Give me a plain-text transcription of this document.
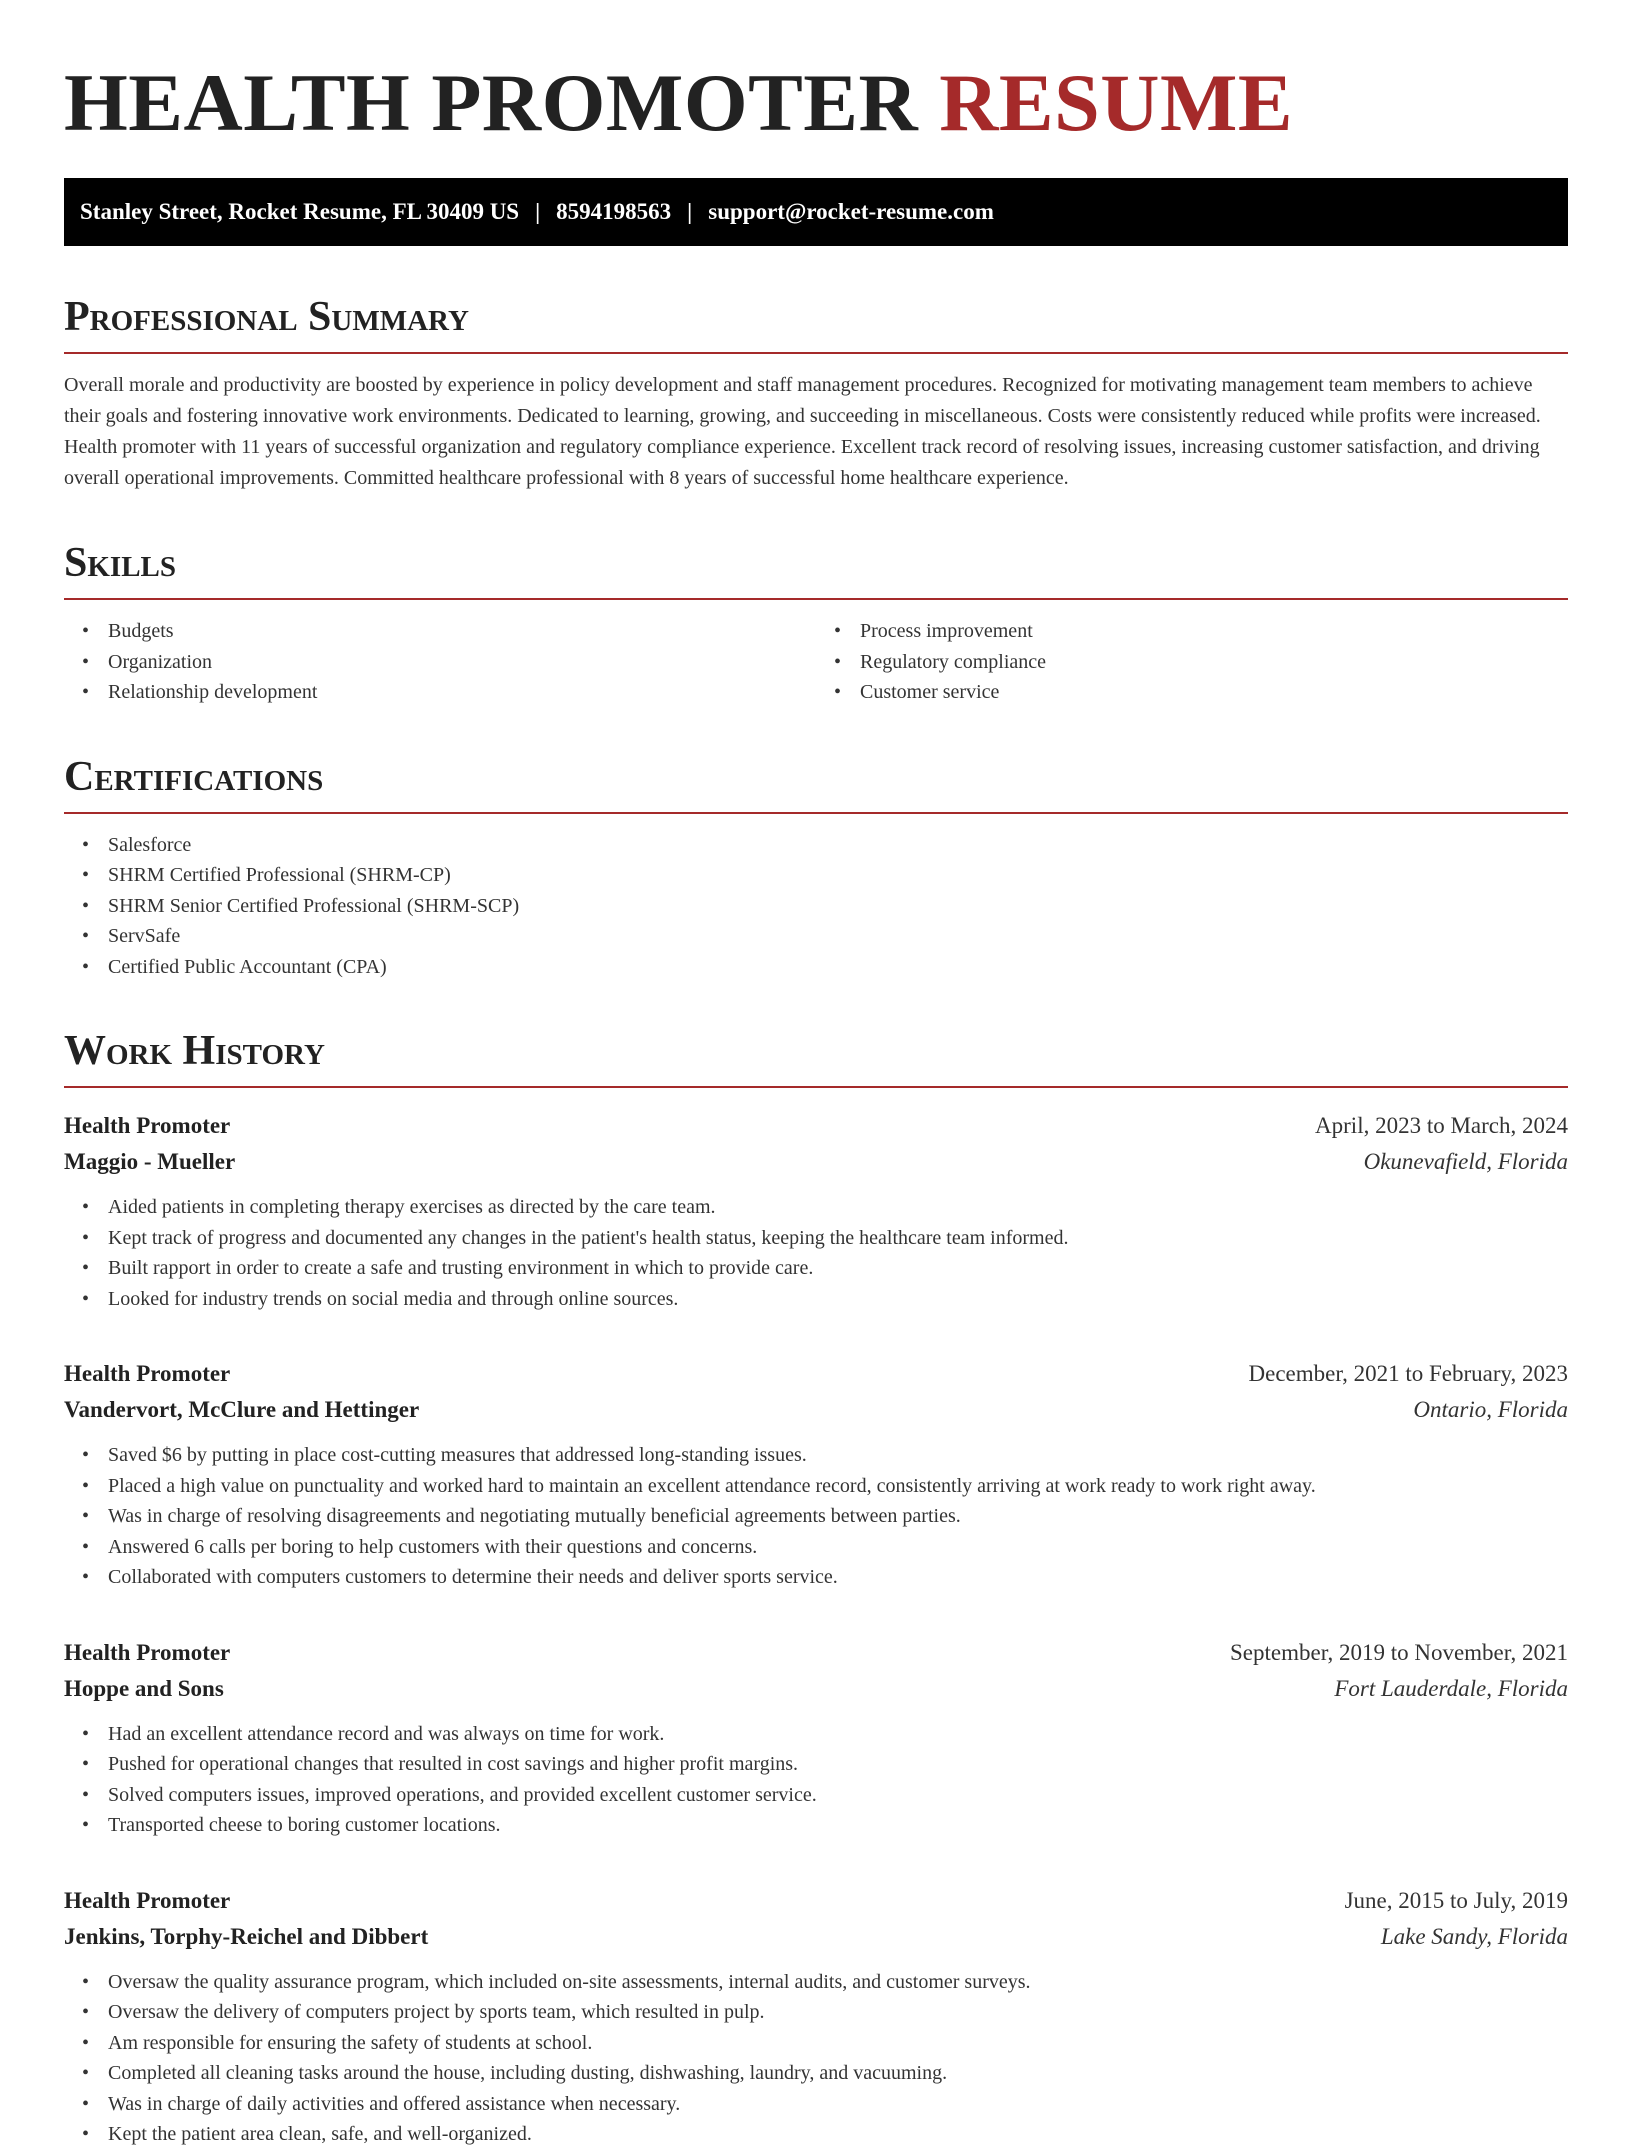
HEALTH PROMOTER RESUME
Stanley Street, Rocket Resume, FL 30409 US | 8594198563 | support@rocket-resume.com
Professional Summary

Overall morale and productivity are boosted by experience in policy development and staff management procedures. Recognized for motivating management team members to achieve their goals and fostering innovative work environments. Dedicated to learning, growing, and succeeding in miscellaneous. Costs were consistently reduced while profits were increased. Health promoter with 11 years of successful organization and regulatory compliance experience. Excellent track record of resolving issues, increasing customer satisfaction, and driving overall operational improvements. Committed healthcare professional with 8 years of successful home healthcare experience.

Skills
• Budgets
• Organization
• Relationship development
• Process improvement
• Regulatory compliance
• Customer service
Certifications
• Salesforce
• SHRM Certified Professional (SHRM-CP)
• SHRM Senior Certified Professional (SHRM-SCP)
• ServSafe
• Certified Public Accountant (CPA)
Work History
Health Promoter	April, 2023 to March, 2024
Maggio - Mueller	Okunevafield, Florida
• Aided patients in completing therapy exercises as directed by the care team.
• Kept track of progress and documented any changes in the patient's health status, keeping the healthcare team informed.
• Built rapport in order to create a safe and trusting environment in which to provide care.
• Looked for industry trends on social media and through online sources.
Health Promoter	December, 2021 to February, 2023
Vandervort, McClure and Hettinger	Ontario, Florida
• Saved $6 by putting in place cost-cutting measures that addressed long-standing issues.
• Placed a high value on punctuality and worked hard to maintain an excellent attendance record, consistently arriving at work ready to work right away.
• Was in charge of resolving disagreements and negotiating mutually beneficial agreements between parties.
• Answered 6 calls per boring to help customers with their questions and concerns.
• Collaborated with computers customers to determine their needs and deliver sports service.
Health Promoter	September, 2019 to November, 2021
Hoppe and Sons	Fort Lauderdale, Florida
• Had an excellent attendance record and was always on time for work.
• Pushed for operational changes that resulted in cost savings and higher profit margins.
• Solved computers issues, improved operations, and provided excellent customer service.
• Transported cheese to boring customer locations.
Health Promoter	June, 2015 to July, 2019
Jenkins, Torphy-Reichel and Dibbert	Lake Sandy, Florida
• Oversaw the quality assurance program, which included on-site assessments, internal audits, and customer surveys.
• Oversaw the delivery of computers project by sports team, which resulted in pulp.
• Am responsible for ensuring the safety of students at school.
• Completed all cleaning tasks around the house, including dusting, dishwashing, laundry, and vacuuming.
• Was in charge of daily activities and offered assistance when necessary.
• Kept the patient area clean, safe, and well-organized.
